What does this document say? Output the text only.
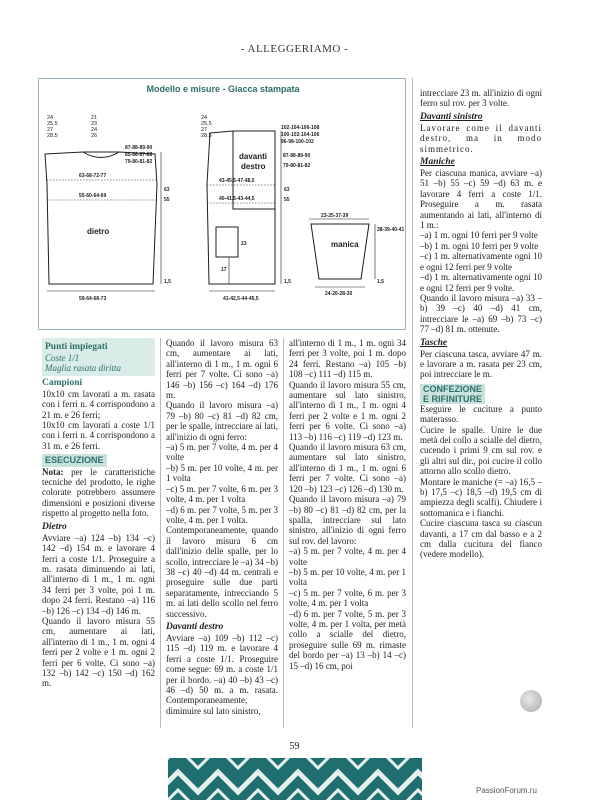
- ALLEGGERIAMO -
Modello e misure - Giacca stampata
24
25,5
27
28,5
21
23
24
26
87-88-89-90
85-86-87-88
79-80-81-82
63-68-72-77
55-60-64-69
dietro
63
55
1,5
59-64-68-73
24
25,5
27
28,5
102-104-106-108
100-102-104-106
96-98-100-102
87-88-89-90
79-80-81-82
davanti
destro
43-45,5-47-48,5
40-41,5-43-44,5
63
55
23
17
1,5
41-42,5-44-45,5
23-25-37-39
38-39-40-41
manica
1,5
24-26-28-30
Punti impiegati
Coste 1/1
Maglia rasata diritta
Campioni

10x10 cm lavorati a m. rasata con i ferri n. 4 corrispondono a 21 m. e 26 ferri;

10x10 cm lavorati a coste 1/1 con i ferri n. 4 corrispondono a 31 m. e 26 ferri.

ESECUZIONE

Nota: per le caratteristiche tecniche del prodotto, le righe colorate potrebbero assumere dimensioni e posizioni diverse rispetto al progetto nella foto.

Dietro

Avviare –a) 124 –b) 134 –c) 142 –d) 154 m. e lavorare 4 ferri a coste 1/1. Proseguire a m. rasata diminuendo ai lati, all'interno di 1 m., 1 m. ogni 34 ferri per 3 volte, poi 1 m. dopo 24 ferri. Restano –a) 116 –b) 126 –c) 134 –d) 146 m.

Quando il lavoro misura 55 cm, aumentare ai lati, all'interno di 1 m., 1 m. ogni 4 ferri per 2 volte e 1 m. ogni 2 ferri per 6 volte. Ci sono –a) 132 –b) 142 –c) 150 –d) 162 m.

Quando il lavoro misura 63 cm, aumentare ai lati, all'interno di 1 m., 1 m. ogni 6 ferri per 7 volte. Ci sono –a) 146 –b) 156 –c) 164 –d) 176 m.

Quando il lavoro misura –a) 79 –b) 80 –c) 81 –d) 82 cm, per le spalle, intrecciare ai lati, all'inizio di ogni ferro:

–a) 5 m. per 7 volte, 4 m. per 4 volte

–b) 5 m. per 10 volte, 4 m. per 1 volta

–c) 5 m. per 7 volte, 6 m. per 3 volte, 4 m. per 1 volta

–d) 6 m. per 7 volte, 5 m. per 3 volte, 4 m. per 1 volta.

Contemporaneamente, quando il lavoro misura 6 cm dall'inizio delle spalle, per lo scollo, intrecciare le –a) 34 –b) 38 –c) 40 –d) 44 m. centrali e proseguire sulle due parti separatamente, intrecciando 5 m. ai lati dello scollo nel ferro successivo.

Davanti destro

Avviare –a) 109 –b) 112 –c) 115 –d) 119 m. e lavorare 4 ferri a coste 1/1. Proseguire come segue: 69 m. a coste 1/1 per il bordo. –a) 40 –b) 43 –c) 46 –d) 50 m. a m. rasata. Contemporaneamente, diminuire sul lato sinistro,

all'interno di 1 m., 1 m. ogni 34 ferri per 3 volte, poi 1 m. dopo 24 ferri. Restano –a) 105 –b) 108 –c) 111 –d) 115 m.

Quando il lavoro misura 55 cm, aumentare sul lato sinistro, all'interno di 1 m., 1 m. ogni 4 ferri per 2 volte e 1 m. ogni 2 ferri per 6 volte. Ci sono –a) 113 –b) 116 –c) 119 –d) 123 m.

Quando il lavoro misura 63 cm, aumentare sul lato sinistro, all'interno di 1 m., 1 m. ogni 6 ferri per 7 volte. Ci sono –a) 120 –b) 123 –c) 126 –d) 130 m.

Quando il lavoro misura –a) 79 –b) 80 –c) 81 –d) 82 cm, per la spalla, intrecciare sul lato sinistro, all'inizio di ogni ferro sul rov. del lavoro:

–a) 5 m. per 7 volte, 4 m. per 4 volte

–b) 5 m. per 10 volte, 4 m. per 1 volta

–c) 5 m. per 7 volte, 6 m. per 3 volte, 4 m. per 1 volta

–d) 6 m. per 7 volte, 5 m. per 3 volte, 4 m. per 1 volta, per metà collo a scialle del dietro, proseguire sulle 69 m. rimaste del bordo per –a) 13 –b) 14 –c) 15 –d) 16 cm, poi

intrecciare 23 m. all'inizio di ogni ferro sul rov. per 3 volte.

Davanti sinistro

Lavorare come il davanti destro, ma in modo simmetrico.

Maniche

Per ciascuna manica, avviare –a) 51 –b) 55 –c) 59 –d) 63 m. e lavorare 4 ferri a coste 1/1. Proseguire a m. rasata aumentando ai lati, all'interno di 1 m.:

–a) 1 m. ogni 10 ferri per 9 volte

–b) 1 m. ogni 10 ferri per 9 volte

–c) 1 m. alternativamente ogni 10 e ogni 12 ferri per 9 volte

–d) 1 m. alternativamente ogni 10 e ogni 12 ferri per 9 volte.

Quando il lavoro misura –a) 33 –b) 39 –c) 40 –d) 41 cm, intrecciare le –a) 69 –b) 73 –c) 77 –d) 81 m. ottenute.

Tasche

Per ciascuna tasca, avviare 47 m. e lavorare a m. rasata per 23 cm, poi intrecciare le m.

CONFEZIONE
E RIFINITURE

Eseguire le cuciture a punto materasso.

Cucire le spalle. Unire le due metà del collo a scialle del dietro, cucendo i primi 9 cm sul rov. e gli altri sul dir., poi cucire il collo attorno allo scollo dietro.

Montare le maniche (= –a) 16,5 –b) 17,5 –c) 18,5 –d) 19,5 cm di ampiezza degli scalfi). Chiudere i sottomanica e i fianchi.

Cucire ciascuna tasca su ciascun davanti, a 17 cm dal basso e a 2 cm dalla cucitura del fianco (vedere modello).

59
PassionForum.ru
